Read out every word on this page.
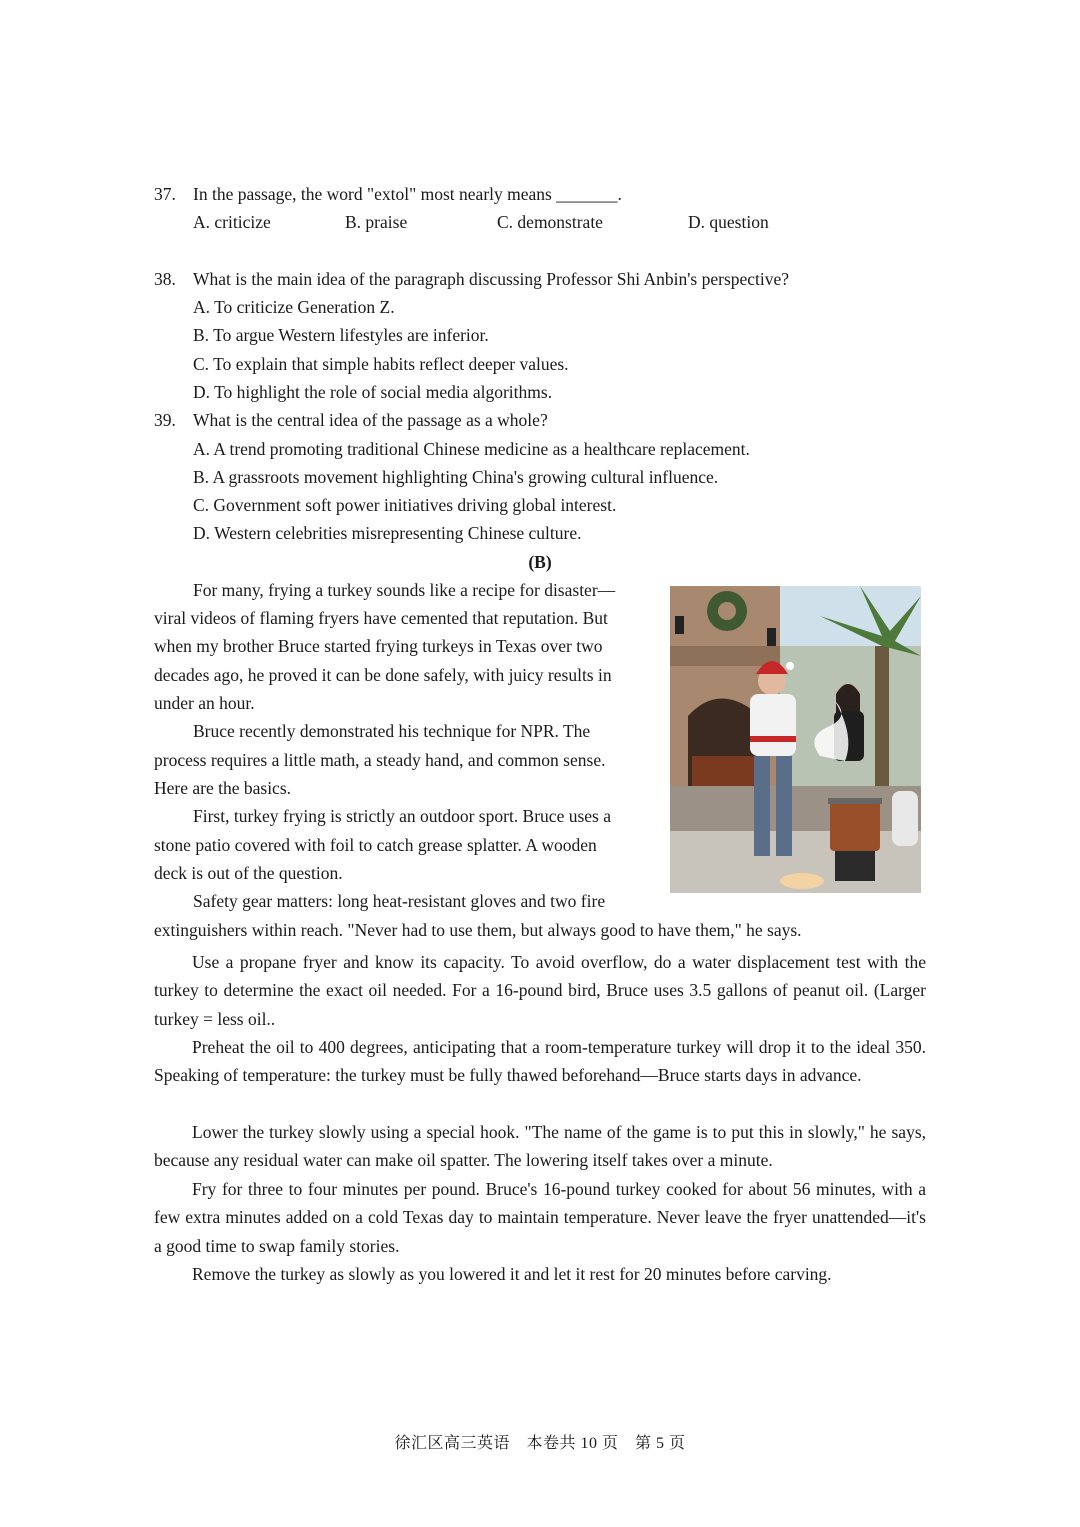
37. In the passage, the word "extol" most nearly means _______.
A. criticize	B. praise	C. demonstrate	D. question
38. What is the main idea of the paragraph discussing Professor Shi Anbin's perspective?
A. To criticize Generation Z.
B. To argue Western lifestyles are inferior.
C. To explain that simple habits reflect deeper values.
D. To highlight the role of social media algorithms.
39. What is the central idea of the passage as a whole?
A. A trend promoting traditional Chinese medicine as a healthcare replacement.
B. A grassroots movement highlighting China's growing cultural influence.
C. Government soft power initiatives driving global interest.
D. Western celebrities misrepresenting Chinese culture.
(B)
For many, frying a turkey sounds like a recipe for disaster—
viral videos of flaming fryers have cemented that reputation. But
when my brother Bruce started frying turkeys in Texas over two
decades ago, he proved it can be done safely, with juicy results in
under an hour.
Bruce recently demonstrated his technique for NPR. The
process requires a little math, a steady hand, and common sense.
Here are the basics.
First, turkey frying is strictly an outdoor sport. Bruce uses a
stone patio covered with foil to catch grease splatter. A wooden
deck is out of the question.
Safety gear matters: long heat-resistant gloves and two fire
extinguishers within reach. "Never had to use them, but always good to have them," he says.
Use a propane fryer and know its capacity. To avoid overflow, do a water displacement test with the turkey to determine the exact oil needed. For a 16-pound bird, Bruce uses 3.5 gallons of peanut oil. (Larger turkey = less oil..
Preheat the oil to 400 degrees, anticipating that a room-temperature turkey will drop it to the ideal 350. Speaking of temperature: the turkey must be fully thawed beforehand—Bruce starts days in advance.
Lower the turkey slowly using a special hook. "The name of the game is to put this in slowly," he says, because any residual water can make oil spatter. The lowering itself takes over a minute.
Fry for three to four minutes per pound. Bruce's 16-pound turkey cooked for about 56 minutes, with a few extra minutes added on a cold Texas day to maintain temperature. Never leave the fryer unattended—it's a good time to swap family stories.
Remove the turkey as slowly as you lowered it and let it rest for 20 minutes before carving.
徐汇区高三英语　本卷共 10 页　第 5 页
